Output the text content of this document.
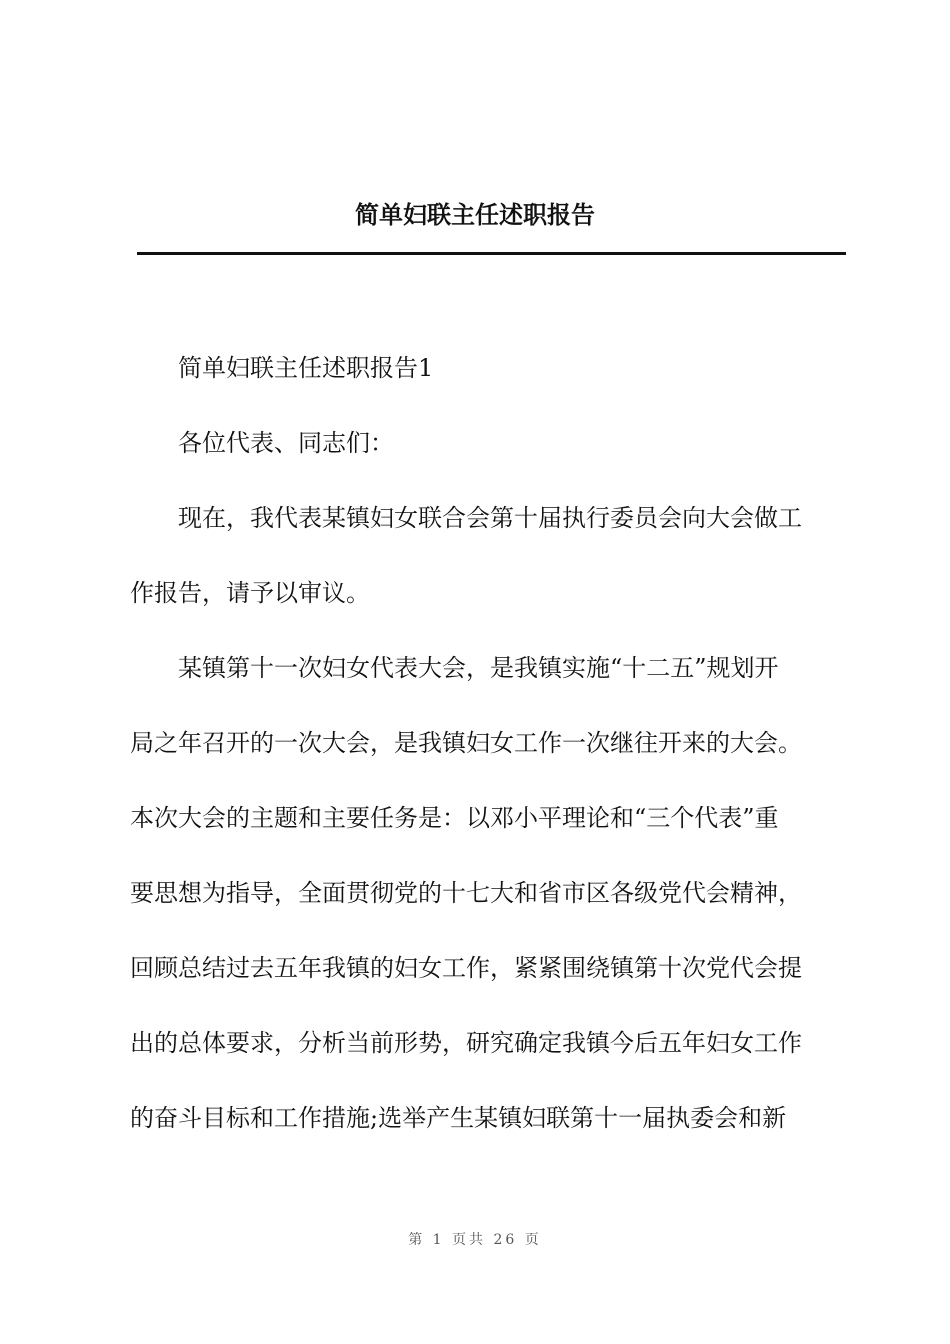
简单妇联主任述职报告
简单妇联主任述职报告1
各位代表、同志们：
现在，我代表某镇妇女联合会第十届执行委员会向大会做工
作报告，请予以审议。
某镇第十一次妇女代表大会，是我镇实施“十二五”规划开
局之年召开的一次大会，是我镇妇女工作一次继往开来的大会。
本次大会的主题和主要任务是：以邓小平理论和“三个代表”重
要思想为指导，全面贯彻党的十七大和省市区各级党代会精神，
回顾总结过去五年我镇的妇女工作，紧紧围绕镇第十次党代会提
出的总体要求，分析当前形势，研究确定我镇今后五年妇女工作
的奋斗目标和工作措施;选举产生某镇妇联第十一届执委会和新
第 1 页共 26 页
